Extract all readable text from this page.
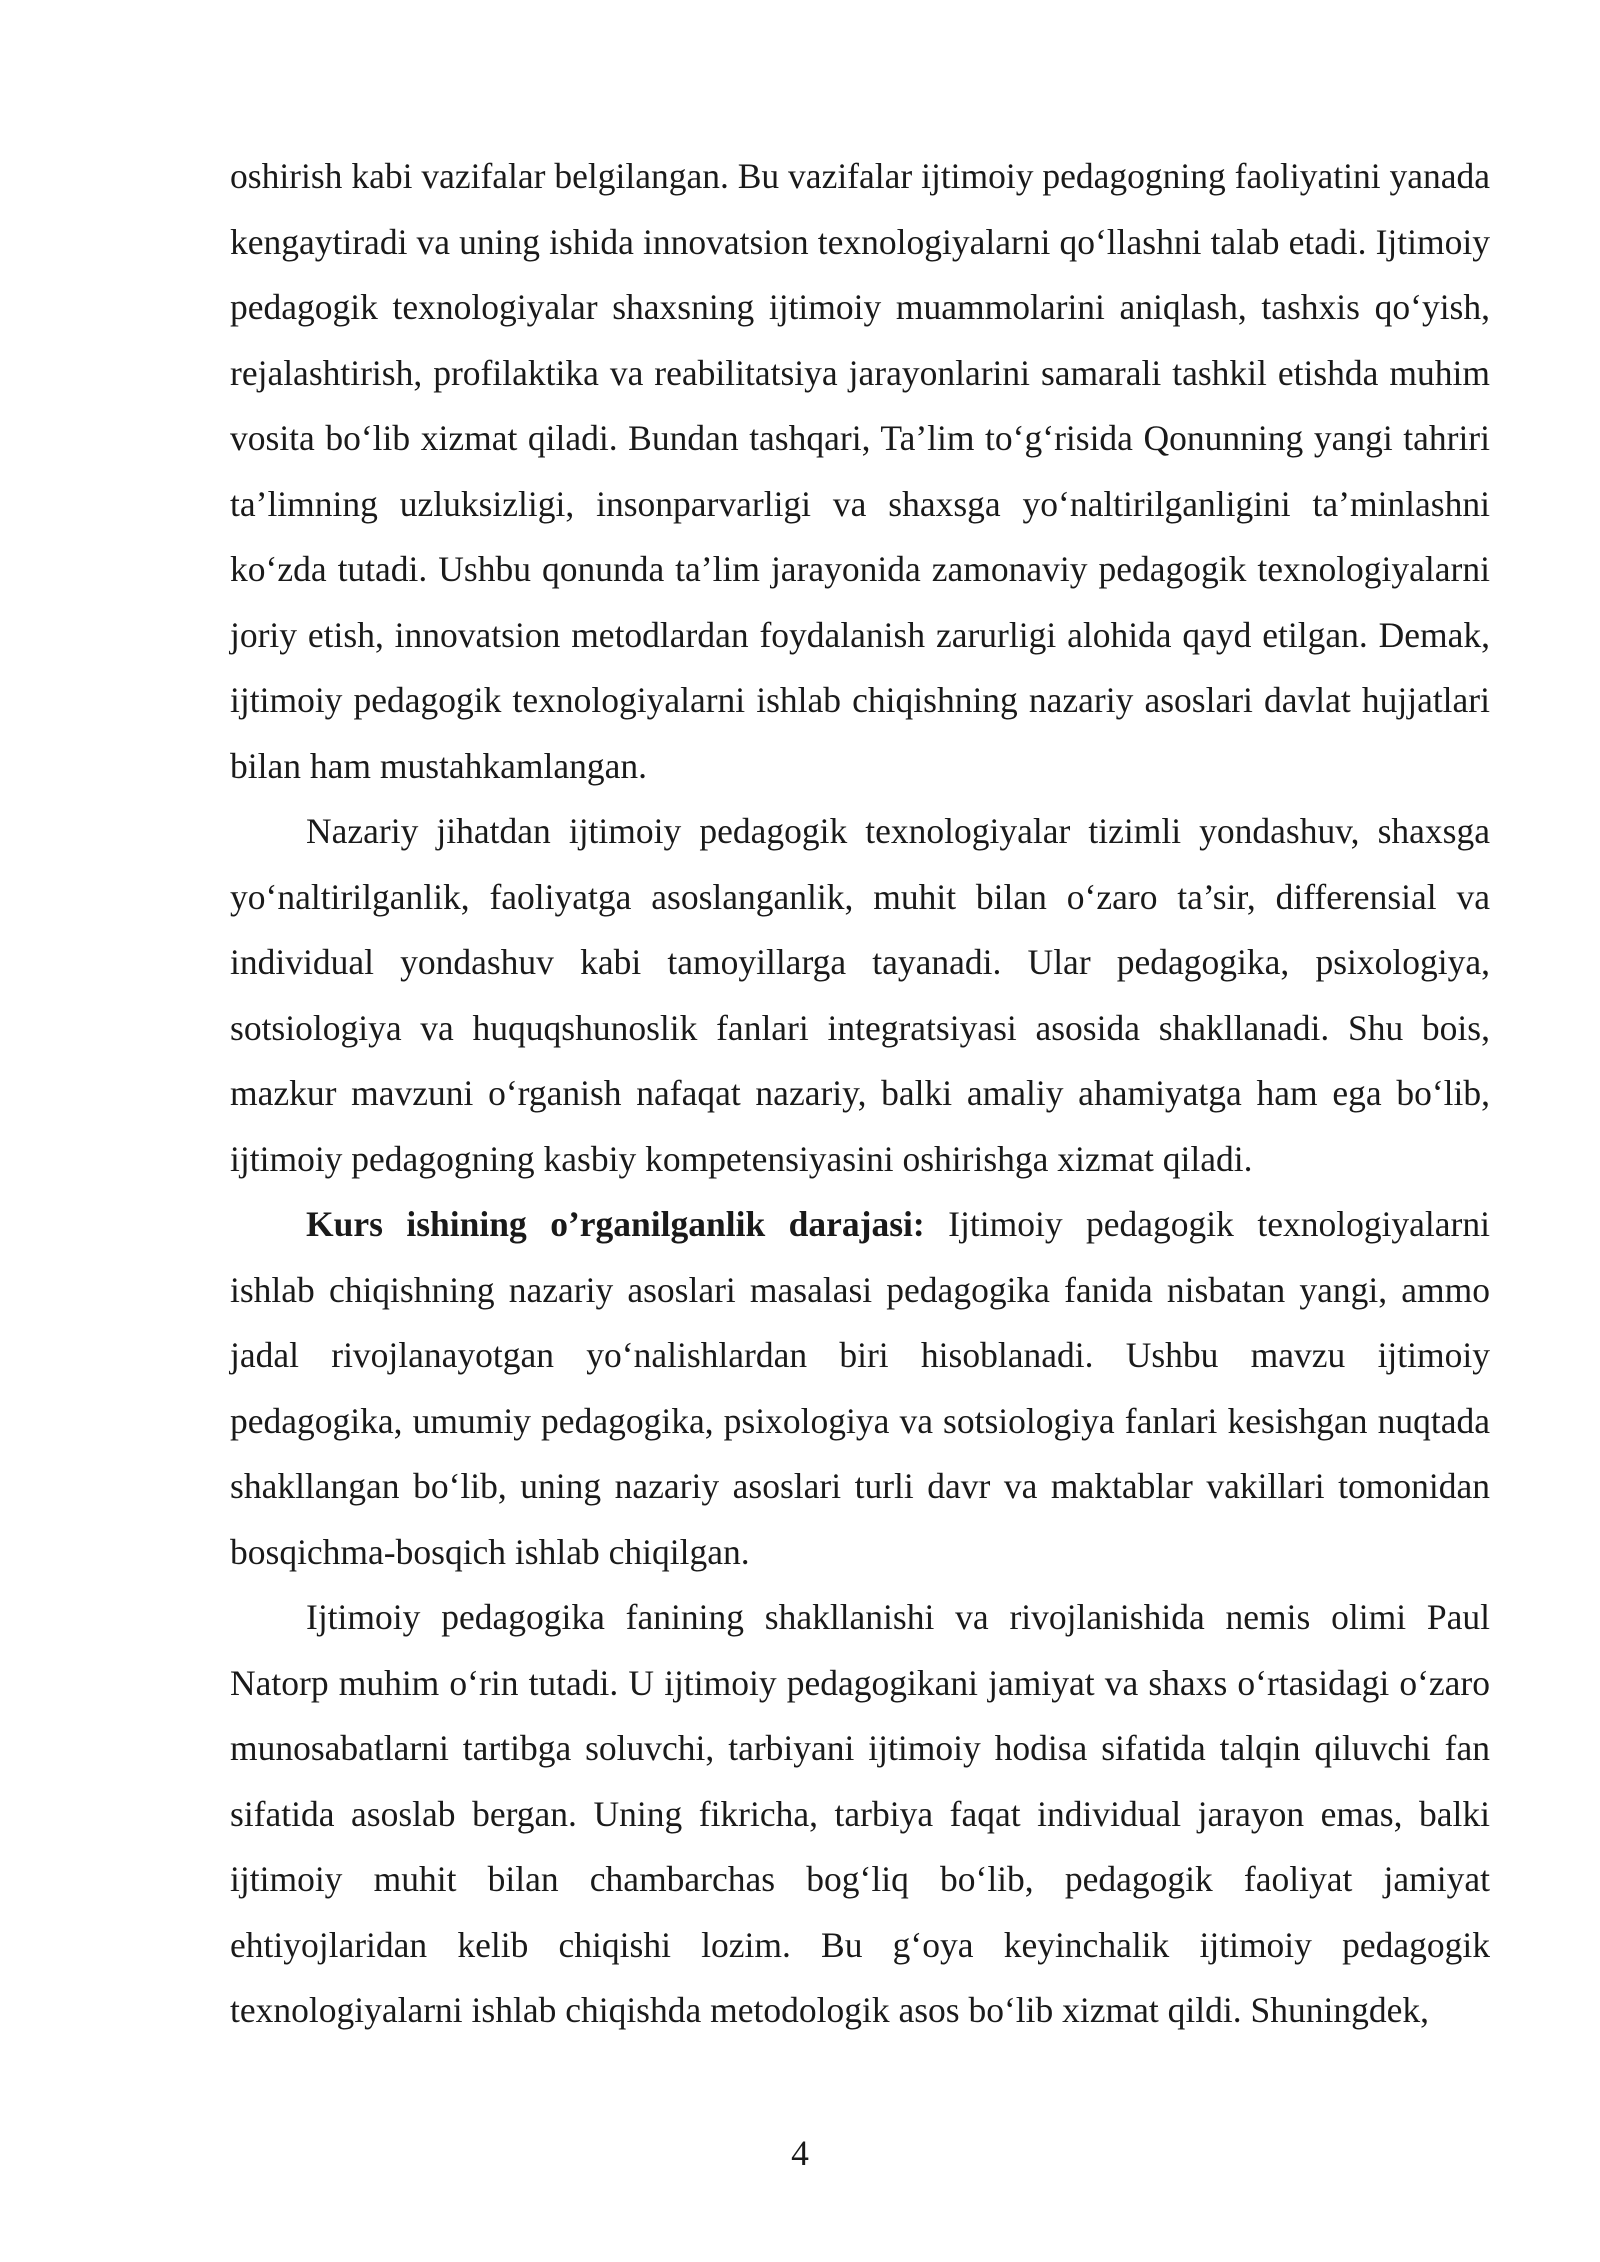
oshirish kabi vazifalar belgilangan. Bu vazifalar ijtimoiy pedagogning faoliyatini yanada kengaytiradi va uning ishida innovatsion texnologiyalarni qo‘llashni talab etadi. Ijtimoiy pedagogik texnologiyalar shaxsning ijtimoiy muammolarini aniqlash, tashxis qo‘yish, rejalashtirish, profilaktika va reabilitatsiya jarayonlarini samarali tashkil etishda muhim vosita bo‘lib xizmat qiladi. Bundan tashqari, Ta’lim to‘g‘risida Qonunning yangi tahriri ta’limning uzluksizligi, insonparvarligi va shaxsga yo‘naltirilganligini ta’minlashni ko‘zda tutadi. Ushbu qonunda ta’lim jarayonida zamonaviy pedagogik texnologiyalarni joriy etish, innovatsion metodlardan foydalanish zarurligi alohida qayd etilgan. Demak, ijtimoiy pedagogik texnologiyalarni ishlab chiqishning nazariy asoslari davlat hujjatlari bilan ham mustahkamlangan.

Nazariy jihatdan ijtimoiy pedagogik texnologiyalar tizimli yondashuv, shaxsga yo‘naltirilganlik, faoliyatga asoslanganlik, muhit bilan o‘zaro ta’sir, differensial va individual yondashuv kabi tamoyillarga tayanadi. Ular pedagogika, psixologiya, sotsiologiya va huquqshunoslik fanlari integratsiyasi asosida shakllanadi. Shu bois, mazkur mavzuni o‘rganish nafaqat nazariy, balki amaliy ahamiyatga ham ega bo‘lib, ijtimoiy pedagogning kasbiy kompetensiyasini oshirishga xizmat qiladi.

Kurs ishining o’rganilganlik darajasi: Ijtimoiy pedagogik texnologiyalarni ishlab chiqishning nazariy asoslari masalasi pedagogika fanida nisbatan yangi, ammo jadal rivojlanayotgan yo‘nalishlardan biri hisoblanadi. Ushbu mavzu ijtimoiy pedagogika, umumiy pedagogika, psixologiya va sotsiologiya fanlari kesishgan nuqtada shakllangan bo‘lib, uning nazariy asoslari turli davr va maktablar vakillari tomonidan bosqichma-bosqich ishlab chiqilgan.

Ijtimoiy pedagogika fanining shakllanishi va rivojlanishida nemis olimi Paul Natorp muhim o‘rin tutadi. U ijtimoiy pedagogikani jamiyat va shaxs o‘rtasidagi o‘zaro munosabatlarni tartibga soluvchi, tarbiyani ijtimoiy hodisa sifatida talqin qiluvchi fan sifatida asoslab bergan. Uning fikricha, tarbiya faqat individual jarayon emas, balki ijtimoiy muhit bilan chambarchas bog‘liq bo‘lib, pedagogik faoliyat jamiyat ehtiyojlaridan kelib chiqishi lozim. Bu g‘oya keyinchalik ijtimoiy pedagogik texnologiyalarni ishlab chiqishda metodologik asos bo‘lib xizmat qildi. Shuningdek,

4
